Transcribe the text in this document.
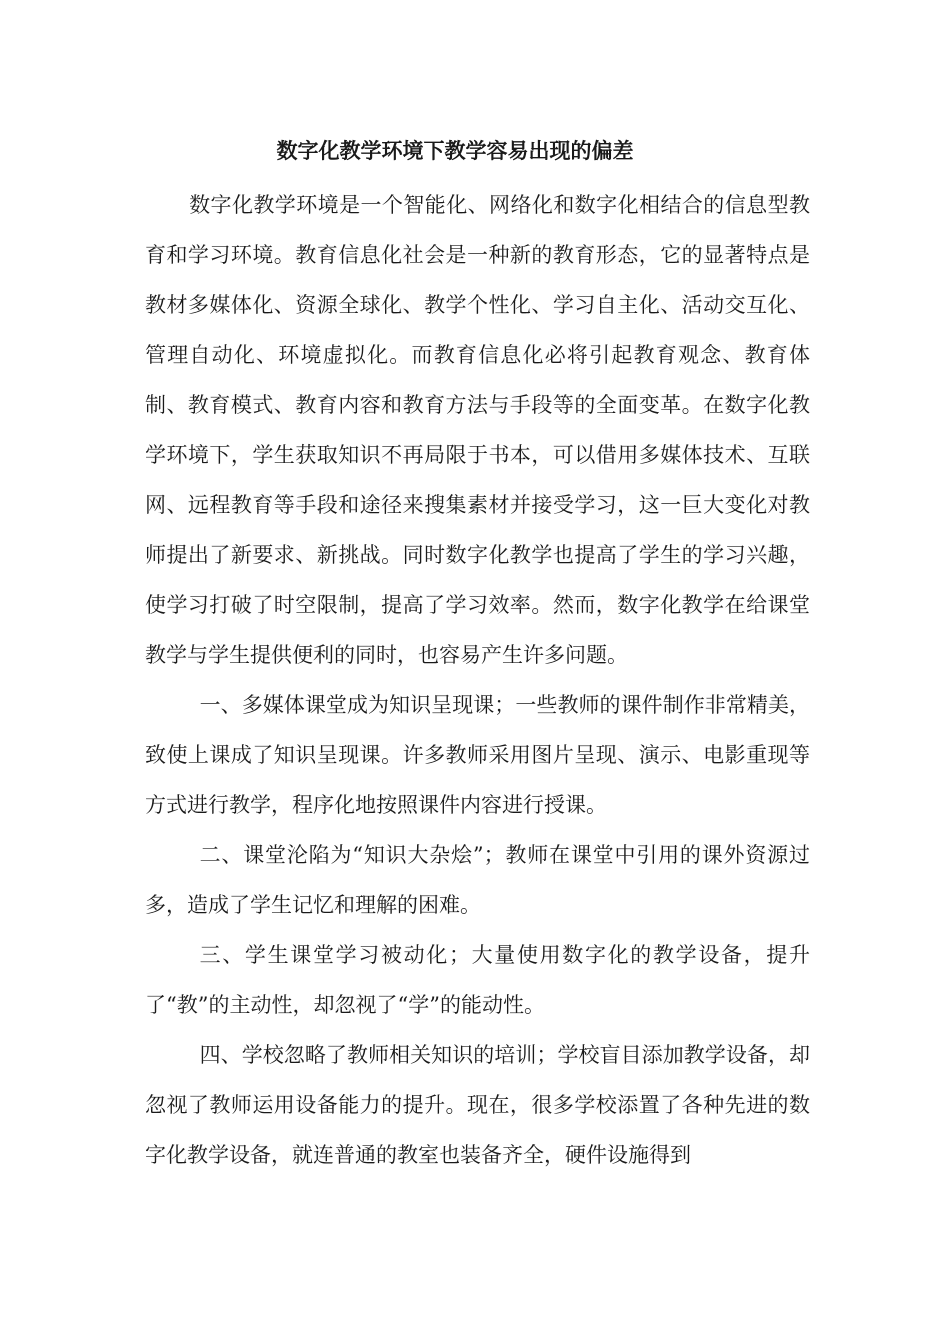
数字化教学环境下教学容易出现的偏差

数字化教学环境是一个智能化、网络化和数字化相结合的信息型教育和学习环境。教育信息化社会是一种新的教育形态，它的显著特点是教材多媒体化、资源全球化、教学个性化、学习自主化、活动交互化、管理自动化、环境虚拟化。而教育信息化必将引起教育观念、教育体制、教育模式、教育内容和教育方法与手段等的全面变革。在数字化教学环境下，学生获取知识不再局限于书本，可以借用多媒体技术、互联网、远程教育等手段和途径来搜集素材并接受学习，这一巨大变化对教师提出了新要求、新挑战。同时数字化教学也提高了学生的学习兴趣，使学习打破了时空限制，提高了学习效率。然而，数字化教学在给课堂教学与学生提供便利的同时，也容易产生许多问题。

一、多媒体课堂成为知识呈现课；一些教师的课件制作非常精美，致使上课成了知识呈现课。许多教师采用图片呈现、演示、电影重现等方式进行教学，程序化地按照课件内容进行授课。

二、课堂沦陷为“知识大杂烩”；教师在课堂中引用的课外资源过多，造成了学生记忆和理解的困难。

三、学生课堂学习被动化；大量使用数字化的教学设备，提升了“教”的主动性，却忽视了“学”的能动性。

四、学校忽略了教师相关知识的培训；学校盲目添加教学设备，却忽视了教师运用设备能力的提升。现在，很多学校添置了各种先进的数字化教学设备，就连普通的教室也装备齐全，硬件设施得到
